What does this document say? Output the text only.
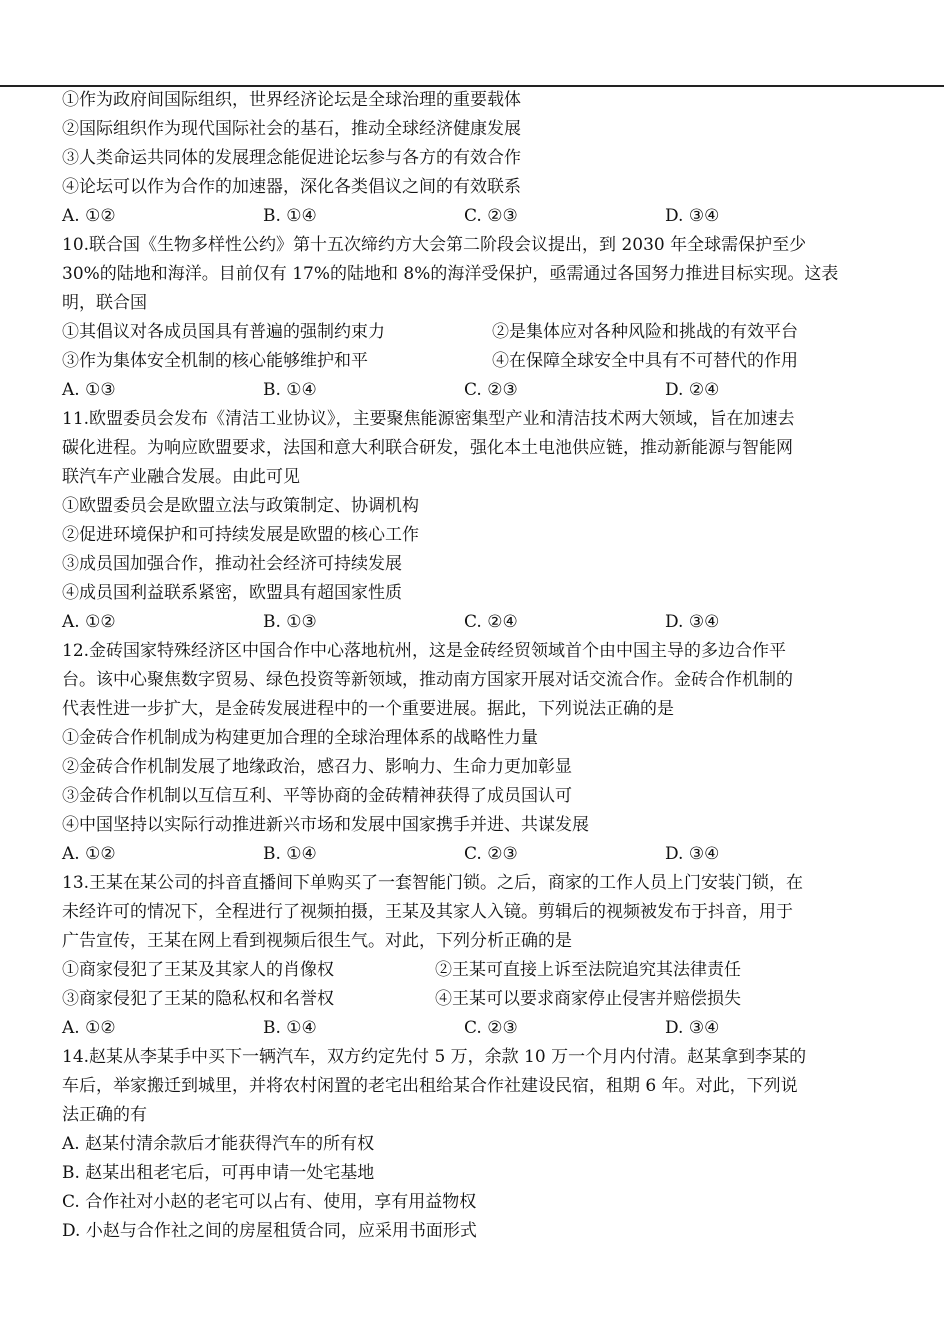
①作为政府间国际组织，世界经济论坛是全球治理的重要载体
②国际组织作为现代国际社会的基石，推动全球经济健康发展
③人类命运共同体的发展理念能促进论坛参与各方的有效合作
④论坛可以作为合作的加速器，深化各类倡议之间的有效联系
A. ①②	B. ①④	C. ②③	D. ③④
10.联合国《生物多样性公约》第十五次缔约方大会第二阶段会议提出，到 2030 年全球需保护至少
30%的陆地和海洋。目前仅有 17%的陆地和 8%的海洋受保护，亟需通过各国努力推进目标实现。这表
明，联合国
①其倡议对各成员国具有普遍的强制约束力	②是集体应对各种风险和挑战的有效平台
③作为集体安全机制的核心能够维护和平	④在保障全球安全中具有不可替代的作用
A. ①③	B. ①④	C. ②③	D. ②④
11.欧盟委员会发布《清洁工业协议》，主要聚焦能源密集型产业和清洁技术两大领域，旨在加速去
碳化进程。为响应欧盟要求，法国和意大利联合研发，强化本土电池供应链，推动新能源与智能网
联汽车产业融合发展。由此可见
①欧盟委员会是欧盟立法与政策制定、协调机构
②促进环境保护和可持续发展是欧盟的核心工作
③成员国加强合作，推动社会经济可持续发展
④成员国利益联系紧密，欧盟具有超国家性质
A. ①②	B. ①③	C. ②④	D. ③④
12.金砖国家特殊经济区中国合作中心落地杭州，这是金砖经贸领域首个由中国主导的多边合作平
台。该中心聚焦数字贸易、绿色投资等新领域，推动南方国家开展对话交流合作。金砖合作机制的
代表性进一步扩大，是金砖发展进程中的一个重要进展。据此，下列说法正确的是
①金砖合作机制成为构建更加合理的全球治理体系的战略性力量
②金砖合作机制发展了地缘政治，感召力、影响力、生命力更加彰显
③金砖合作机制以互信互利、平等协商的金砖精神获得了成员国认可
④中国坚持以实际行动推进新兴市场和发展中国家携手并进、共谋发展
A. ①②	B. ①④	C. ②③	D. ③④
13.王某在某公司的抖音直播间下单购买了一套智能门锁。之后，商家的工作人员上门安装门锁，在
未经许可的情况下，全程进行了视频拍摄，王某及其家人入镜。剪辑后的视频被发布于抖音，用于
广告宣传，王某在网上看到视频后很生气。对此，下列分析正确的是
①商家侵犯了王某及其家人的肖像权	②王某可直接上诉至法院追究其法律责任
③商家侵犯了王某的隐私权和名誉权	④王某可以要求商家停止侵害并赔偿损失
A. ①②	B. ①④	C. ②③	D. ③④
14.赵某从李某手中买下一辆汽车，双方约定先付 5 万，余款 10 万一个月内付清。赵某拿到李某的
车后，举家搬迁到城里，并将农村闲置的老宅出租给某合作社建设民宿，租期 6 年。对此，下列说
法正确的有
A. 赵某付清余款后才能获得汽车的所有权
B. 赵某出租老宅后，可再申请一处宅基地
C. 合作社对小赵的老宅可以占有、使用，享有用益物权
D. 小赵与合作社之间的房屋租赁合同，应采用书面形式
